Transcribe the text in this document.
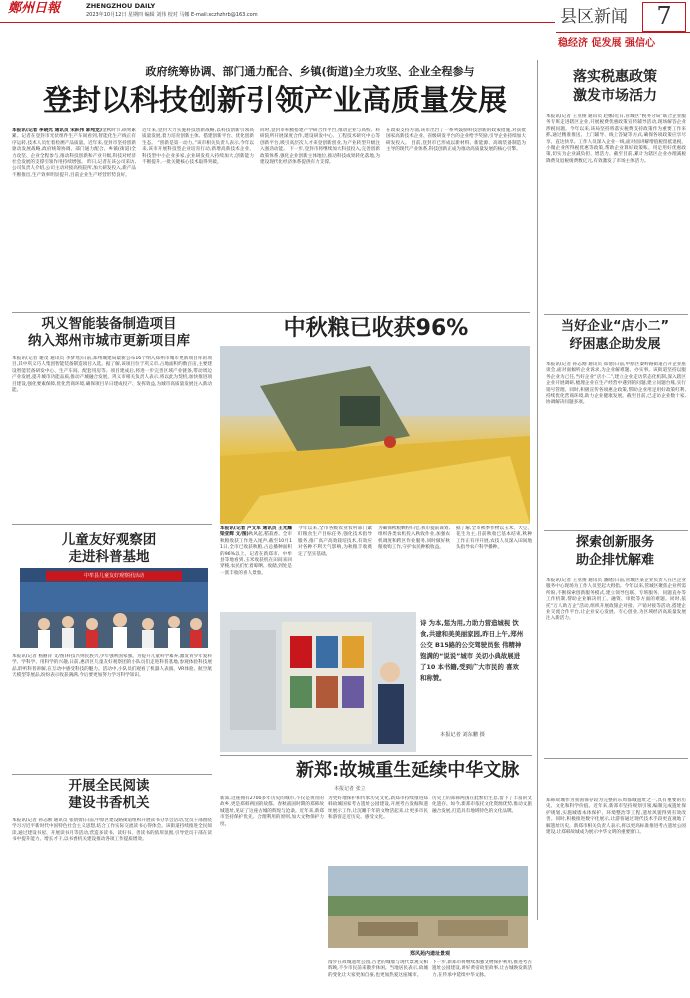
鄭州日報	ZHENGZHOU DAILY
2023年10月12日 星期四 编辑 刘伟 校对 马娜 E-mail:xczhzhrb@163.com	县区新闻	7
政府统筹协调、部门通力配合、乡镇(街道)全力攻坚、企业全程参与
登封以科技创新引领产业高质量发展

本报讯(记者 李晓光 通讯员 宋跃伟 郭宛龙)金秋时节,硕果累累。记者在登封市光伏组件生产车间看到,智能化生产线正有序运转,技术人员忙着检测产品质量。近年来,登封市坚持创新驱动发展战略,政府统筹协调、部门通力配合、乡镇(街道)全力攻坚、企业全程参与,推动科技创新和产业升级,科技对经济社会发展的支撑引领作用持续增强。 昨日,记者在该公司采访,公司负责人介绍,公司主动对接高校院所,加大研发投入,新产品不断推出,生产效率明显提升,目前企业生产经营形势良好。

近年来,登封大力实施科技创新战略,以科技创新引领高质量发展,着力培育创新主体、搭建创新平台、优化创新生态。 “创新是第一动力。”该市相关负责人表示,今年以来,该市开展科技型企业培育行动,新增高新技术企业、科技型中小企业多家,企业研发投入持续加大,创新能力不断提升,一批关键核心技术取得突破。
同时,登封市积极搭建产学研合作平台,推动企业与高校、科研院所开展深度合作,建设研发中心、工程技术研究中心等创新平台,吸引高层次人才来登创新创业,为产业转型升级注入强劲动能。 下一步,登封市将继续加大科技投入,完善创新政策体系,强化企业创新主体地位,推动科技成果转化落地,为建设现代化经济体系提供有力支撑。
在政策支持方面,该市出台了一系列鼓励科技创新的政策措施,对获批国家高新技术企业、省级研发平台的企业给予奖励,引导企业持续加大研发投入。 目前,登封市已形成以新材料、新能源、高端装备制造为主导的现代产业体系,科技创新正成为推动高质量发展的核心引擎。
稳经济 促发展 强信心
落实税惠政策
激发市场活力
本报讯(记者 王亚俊 通讯员 赵娜)近日,管城区“税务分局”联合企业服务专班走进辖区企业,开展税费优惠政策宣传辅导活动,现场解答企业涉税问题。今年以来,该局坚持将落实税费支持政策作为重要工作来抓,通过精准推送、上门辅导、线上答疑等方式,确保各项政策应享尽享、直达快享。工作人员深入企业一线,面对面讲解增值税留抵退税、小微企业所得税优惠等政策,帮助企业算好政策账、用足用好优惠政策,切实为企业减负担、增活力。截至目前,累计为辖区企业办理减税降费及退税缓费数亿元,有效激发了市场主体活力。
巩义智能装备制造项目
纳入郑州市城市更新项目库
本报讯(记者 谢茂 通讯员 李梦瑶)日前,郑州城建局最新公布16个纳入郑州市城市更新项目库的项目,其中巩义巧人集团智能装备制造项目入选。据了解,该项目位于巩义市,占地面积约数百亩,主要建设智能装备研发中心、生产车间、配套用房等。项目建成后,将进一步完善区域产业链条,带动周边产业发展,提升城市功能品质,推动产城融合发展。巩义市相关负责人表示,将以此为契机,加快推进项目建设,强化要素保障,优化营商环境,确保项目早日建成投产、发挥效益,为城市高质量发展注入新动能。
中秋粮已收获96%

本报讯(记者 卢文军 通讯员 王光耀 梁亚辉 文/图)秋风起,稻菽香。全市秋粮收获工作进入尾声,截至10月11日,全市已收获秋粮,占总播种面积的96%以上。记者在新郑市、中牟县等地看到,玉米收获机在田间来回穿梭,农民们忙着晾晒、收储,到处是一派丰收的喜人景象。

今年以来,全市各级农业农村部门紧盯粮食生产目标任务,强化技术指导服务,推广高产高效栽培技术,有效应对各种不利天气影响,为秋粮丰收奠定了坚实基础。
为确保秋粮颗粒归仓,我市提前谋划,组织各类农机投入秋收作业,加强农机调度和跨区作业服务,同时做好秋粮收购工作,守护农民种粮收益。
据了解,全市秋季作物以玉米、大豆、花生为主,目前秋收已基本结束,秋种工作正有序开展,农技人员深入田间地头指导农户科学播种。
诗 为本,惩为用,力助力营造城视 饮食,共建和美美丽家园,昨日上午,郑州公交 B15路的公交驾驶员张 伟精神饱满的“说说”城市 关切小典故展进了10 本书籍,受到广大市民的 喜欢和称赞。
本报记者 刘东鹏 摄
儿童友好观察团
走进科普基地
中牟县儿童友好观察团活动
本报讯(记者 杨丽萍 文/图)科技兴则民族兴,少年强则国家强。为提升儿童科学素养,激发青少年爱科学、学科学、用科学的兴趣,日前,惠济区儿童友好观察团的小队员们走进科普基地,参观体验科技展品,聆听科普讲解,在互动中感受科技的魅力。活动中,小队员们观看了机器人表演、VR体验、航空航天模型等展品,纷纷表示收获满满,今后要更加努力学习科学知识。
开展全民阅读
建设书香机关
本报讯(记者 孙志刚 通讯员 张倩倩)日前,中原区建设路街道组织开展读书分享会活动,党员干部围绕学习习近平新时代中国特色社会主义思想,结合工作实际交流读书心得体会。该街道持续推进全民阅读,通过建设书屋、开展读书月等活动,营造多读书、读好书、善读书的浓厚氛围,引导党员干部在读书中提升能力、增长才干,以书香机关建设推动各项工作提质增效。
当好企业“店小二”
纾困惠企助发展
本报讯(记者 孙志刚 通讯员 郑倩)日前,中原区秦岭路街道召开企业座谈会,面对面倾听企业诉求,为企业解难题、办实事。该街道坚持以服务企业为己任,当好企业“店小二”,建立企业走访常态化机制,深入辖区企业开展调研,梳理企业在生产经营中遇到的问题,建立问题台账,实行销号管理。同时,积极宣传各项惠企政策,帮助企业用足用好政策红利,持续优化营商环境,助力企业健康发展。截至目前,已走访企业数十家,协调解决问题多项。
探索创新服务
助企排忧解难
本报讯(记者 王亚俊 通讯员 潘晓)日前,管城区某企业负责人在区企业服务中心现场为工作人员竖起大拇指。今年以来,管城区聚焦企业所需所盼,不断探索创新服务模式,建立领导包联、专班服务、问题直办等工作机制,帮助企业解决用工、融资、审批等方面的难题。同时,依托“万人助万企”活动,组织开展政银企对接、产销对接等活动,搭建企业交流合作平台,让企业安心发展、专心创业,为区域经济高质量发展注入新活力。
新郑:故城重生延续中华文脉
本报记者 张立
新郑,这座拥有2700多年历史的城市,不仅是黄帝的故乡,更是郑韩两国的故都。春秋战国时期的郑韩故城遗址,见证了这座古城的辉煌与沧桑。近年来,新郑市坚持保护优先、合理利用的原则,加大文物保护力度。
为更好地保护和传承历史文化,新郑市持续推进郑韩故城国家考古遗址公园建设,开展考古发掘和遗址展示工作,让沉睡千年的文物活起来,让更多市民和游客走近历史、感受文化。
历史上的郑韩两国在此繁衍生息,留下了丰富的文化遗存。如今,新郑市依托文化资源优势,推动文旅融合发展,打造具有地域特色的文化品牌。
郑风苑内遗址景观
漫步在故城遗址公园,古老的城墙与现代景观交相辉映,不少市民前来散步休闲。当地居民表示,故城的变化让大家更加自豪,也更加热爱这座城市。
下一步,新郑市将继续加强文物保护利用,推进考古遗址公园建设,讲好黄帝故里故事,让古城焕发新活力,在传承中延续中华文脉。
郑韩故城作为我国保存较为完整的东周都城遗址之一,具有重要的历史、文化和科学价值。近年来,新郑市坚持规划引领,编制完成遗址保护规划,实施城墙本体保护、环境整治等工程,遗址风貌得到有效改善。同时,积极推进数字化展示,让游客通过现代技术手段更直观地了解遗址历史。新郑市相关负责人表示,将以更高标准推进考古遗址公园建设,让郑韩故城成为展示中华文明的重要窗口。
